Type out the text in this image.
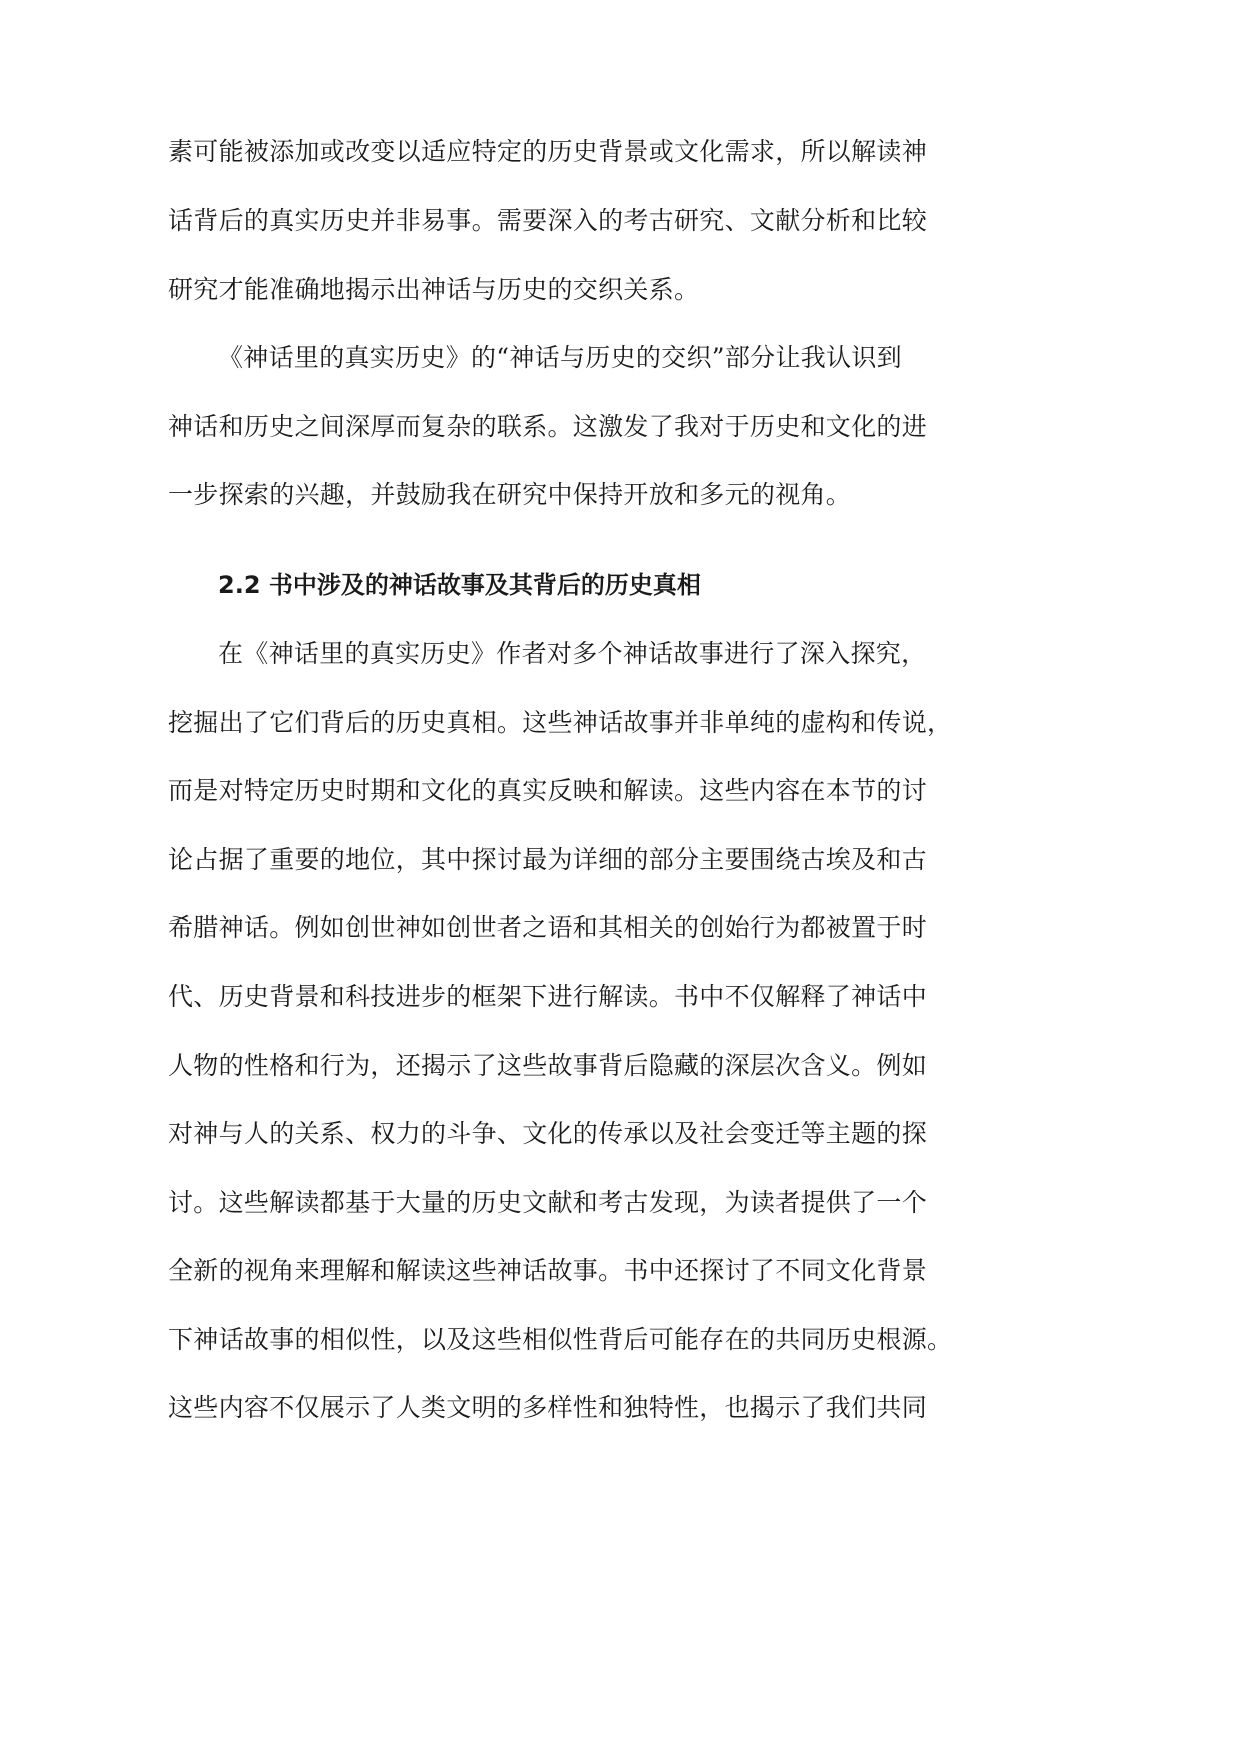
素可能被添加或改变以适应特定的历史背景或文化需求，所以解读神
话背后的真实历史并非易事。需要深入的考古研究、文献分析和比较
研究才能准确地揭示出神话与历史的交织关系。
《神话里的真实历史》的“神话与历史的交织”部分让我认识到
神话和历史之间深厚而复杂的联系。这激发了我对于历史和文化的进
一步探索的兴趣，并鼓励我在研究中保持开放和多元的视角。
2.2 书中涉及的神话故事及其背后的历史真相
在《神话里的真实历史》作者对多个神话故事进行了深入探究，
挖掘出了它们背后的历史真相。这些神话故事并非单纯的虚构和传说，
而是对特定历史时期和文化的真实反映和解读。这些内容在本节的讨
论占据了重要的地位，其中探讨最为详细的部分主要围绕古埃及和古
希腊神话。例如创世神如创世者之语和其相关的创始行为都被置于时
代、历史背景和科技进步的框架下进行解读。书中不仅解释了神话中
人物的性格和行为，还揭示了这些故事背后隐藏的深层次含义。例如
对神与人的关系、权力的斗争、文化的传承以及社会变迁等主题的探
讨。这些解读都基于大量的历史文献和考古发现，为读者提供了一个
全新的视角来理解和解读这些神话故事。书中还探讨了不同文化背景
下神话故事的相似性，以及这些相似性背后可能存在的共同历史根源。
这些内容不仅展示了人类文明的多样性和独特性，也揭示了我们共同
